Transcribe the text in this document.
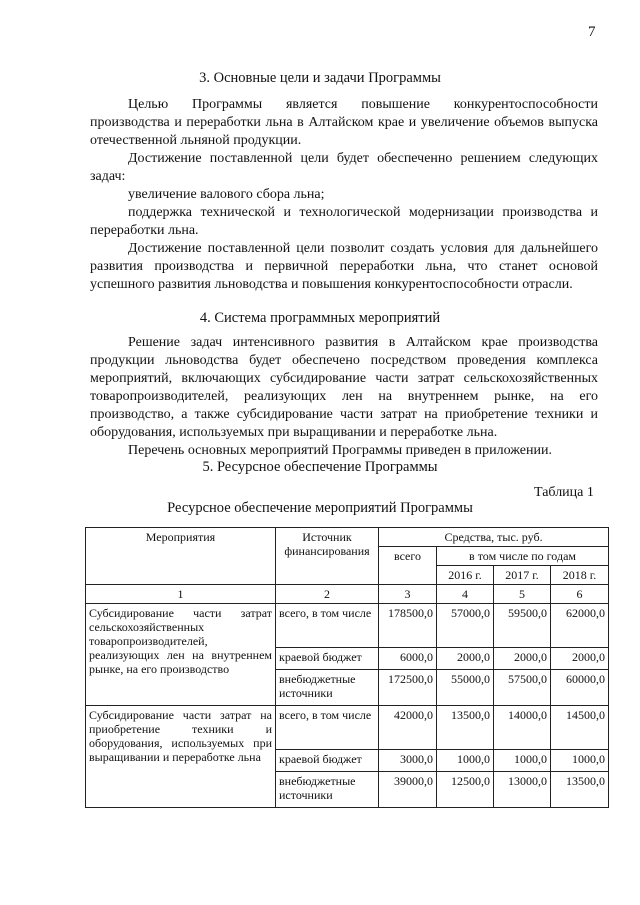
7
3. Основные цели и задачи Программы

Целью Программы является повышение конкурентоспособности производства и переработки льна в Алтайском крае и увеличение объемов выпуска отечественной льняной продукции.

Достижение поставленной цели будет обеспеченно решением следующих задач:

увеличение валового сбора льна;

поддержка технической и технологической модернизации производства и переработки льна.

Достижение поставленной цели позволит создать условия для дальнейшего развития производства и первичной переработки льна, что станет основой успешного развития льноводства и повышения конкурентоспособности отрасли.

4. Система программных мероприятий

Решение задач интенсивного развития в Алтайском крае производства продукции льноводства будет обеспечено посредством проведения комплекса мероприятий, включающих субсидирование части затрат сельскохозяйственных товаропроизводителей, реализующих лен на внутреннем рынке, на его производство, а также субсидирование части затрат на приобретение техники и оборудования, используемых при выращивании и переработке льна.

Перечень основных мероприятий Программы приведен в приложении.

5. Ресурсное обеспечение Программы
Таблица 1
Ресурсное обеспечение мероприятий Программы
Мероприятия	Источник финансирования	Средства, тыс. руб.			
		всего	в том числе по годам		
			2016 г.	2017 г.	2018 г.
1	2	3	4	5	6
Субсидирование части затрат сельскохозяйственных товаропроизводителей, реализующих лен на внутреннем рынке, на его производство	всего, в том числе	178500,0	57000,0	59500,0	62000,0
	краевой бюджет	6000,0	2000,0	2000,0	2000,0
	внебюджетные источники	172500,0	55000,0	57500,0	60000,0
Субсидирование части затрат на приобретение техники и оборудования, используемых при выращивании и переработке льна	всего, в том числе	42000,0	13500,0	14000,0	14500,0
	краевой бюджет	3000,0	1000,0	1000,0	1000,0
	внебюджетные источники	39000,0	12500,0	13000,0	13500,0
